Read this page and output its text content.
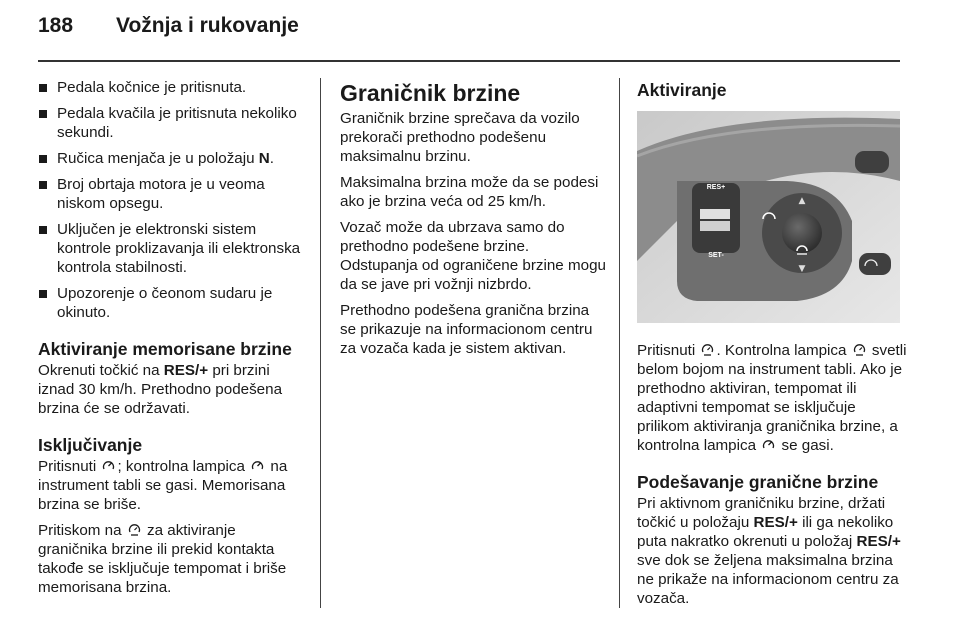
188 Vožnja i rukovanje
Pedala kočnice je pritisnuta.
Pedala kvačila je pritisnuta nekoliko sekundi.
Ručica menjača je u položaju N.
Broj obrtaja motora je u veoma niskom opsegu.
Uključen je elektronski sistem kontrole proklizavanja ili elektronska kontrola stabilnosti.
Upozorenje o čeonom sudaru je okinuto.
Aktiviranje memorisane brzine

Okrenuti točkić na RES/+ pri brzini iznad 30 km/h. Prethodno podešena brzina će se održavati.

Isključivanje

Pritisnuti ; kontrolna lampica  na instrument tabli se gasi. Memorisana brzina se briše.

Pritiskom na  za aktiviranje graničnika brzine ili prekid kontakta takođe se isključuje tempomat i briše memorisana brzina.

Graničnik brzine

Graničnik brzine sprečava da vozilo prekorači prethodno podešenu maksimalnu brzinu.

Maksimalna brzina može da se podesi ako je brzina veća od 25 km/h.

Vozač može da ubrzava samo do prethodno podešene brzine. Odstupanja od ograničene brzine mogu da se jave pri vožnji nizbrdo.

Prethodno podešena granična brzina se prikazuje na informacionom centru za vozača kada je sistem aktivan.

Aktiviranje
RES+
SET-
▲
▼

Pritisnuti . Kontrolna lampica  svetli belom bojom na instrument tabli. Ako je prethodno aktiviran, tempomat ili adaptivni tempomat se isključuje prilikom aktiviranja graničnika brzine, a kontrolna lampica  se gasi.

Podešavanje granične brzine

Pri aktivnom graničniku brzine, držati točkić u položaju RES/+ ili ga nekoliko puta nakratko okrenuti u položaj RES/+ sve dok se željena maksimalna brzina ne prikaže na informacionom centru za vozača.
